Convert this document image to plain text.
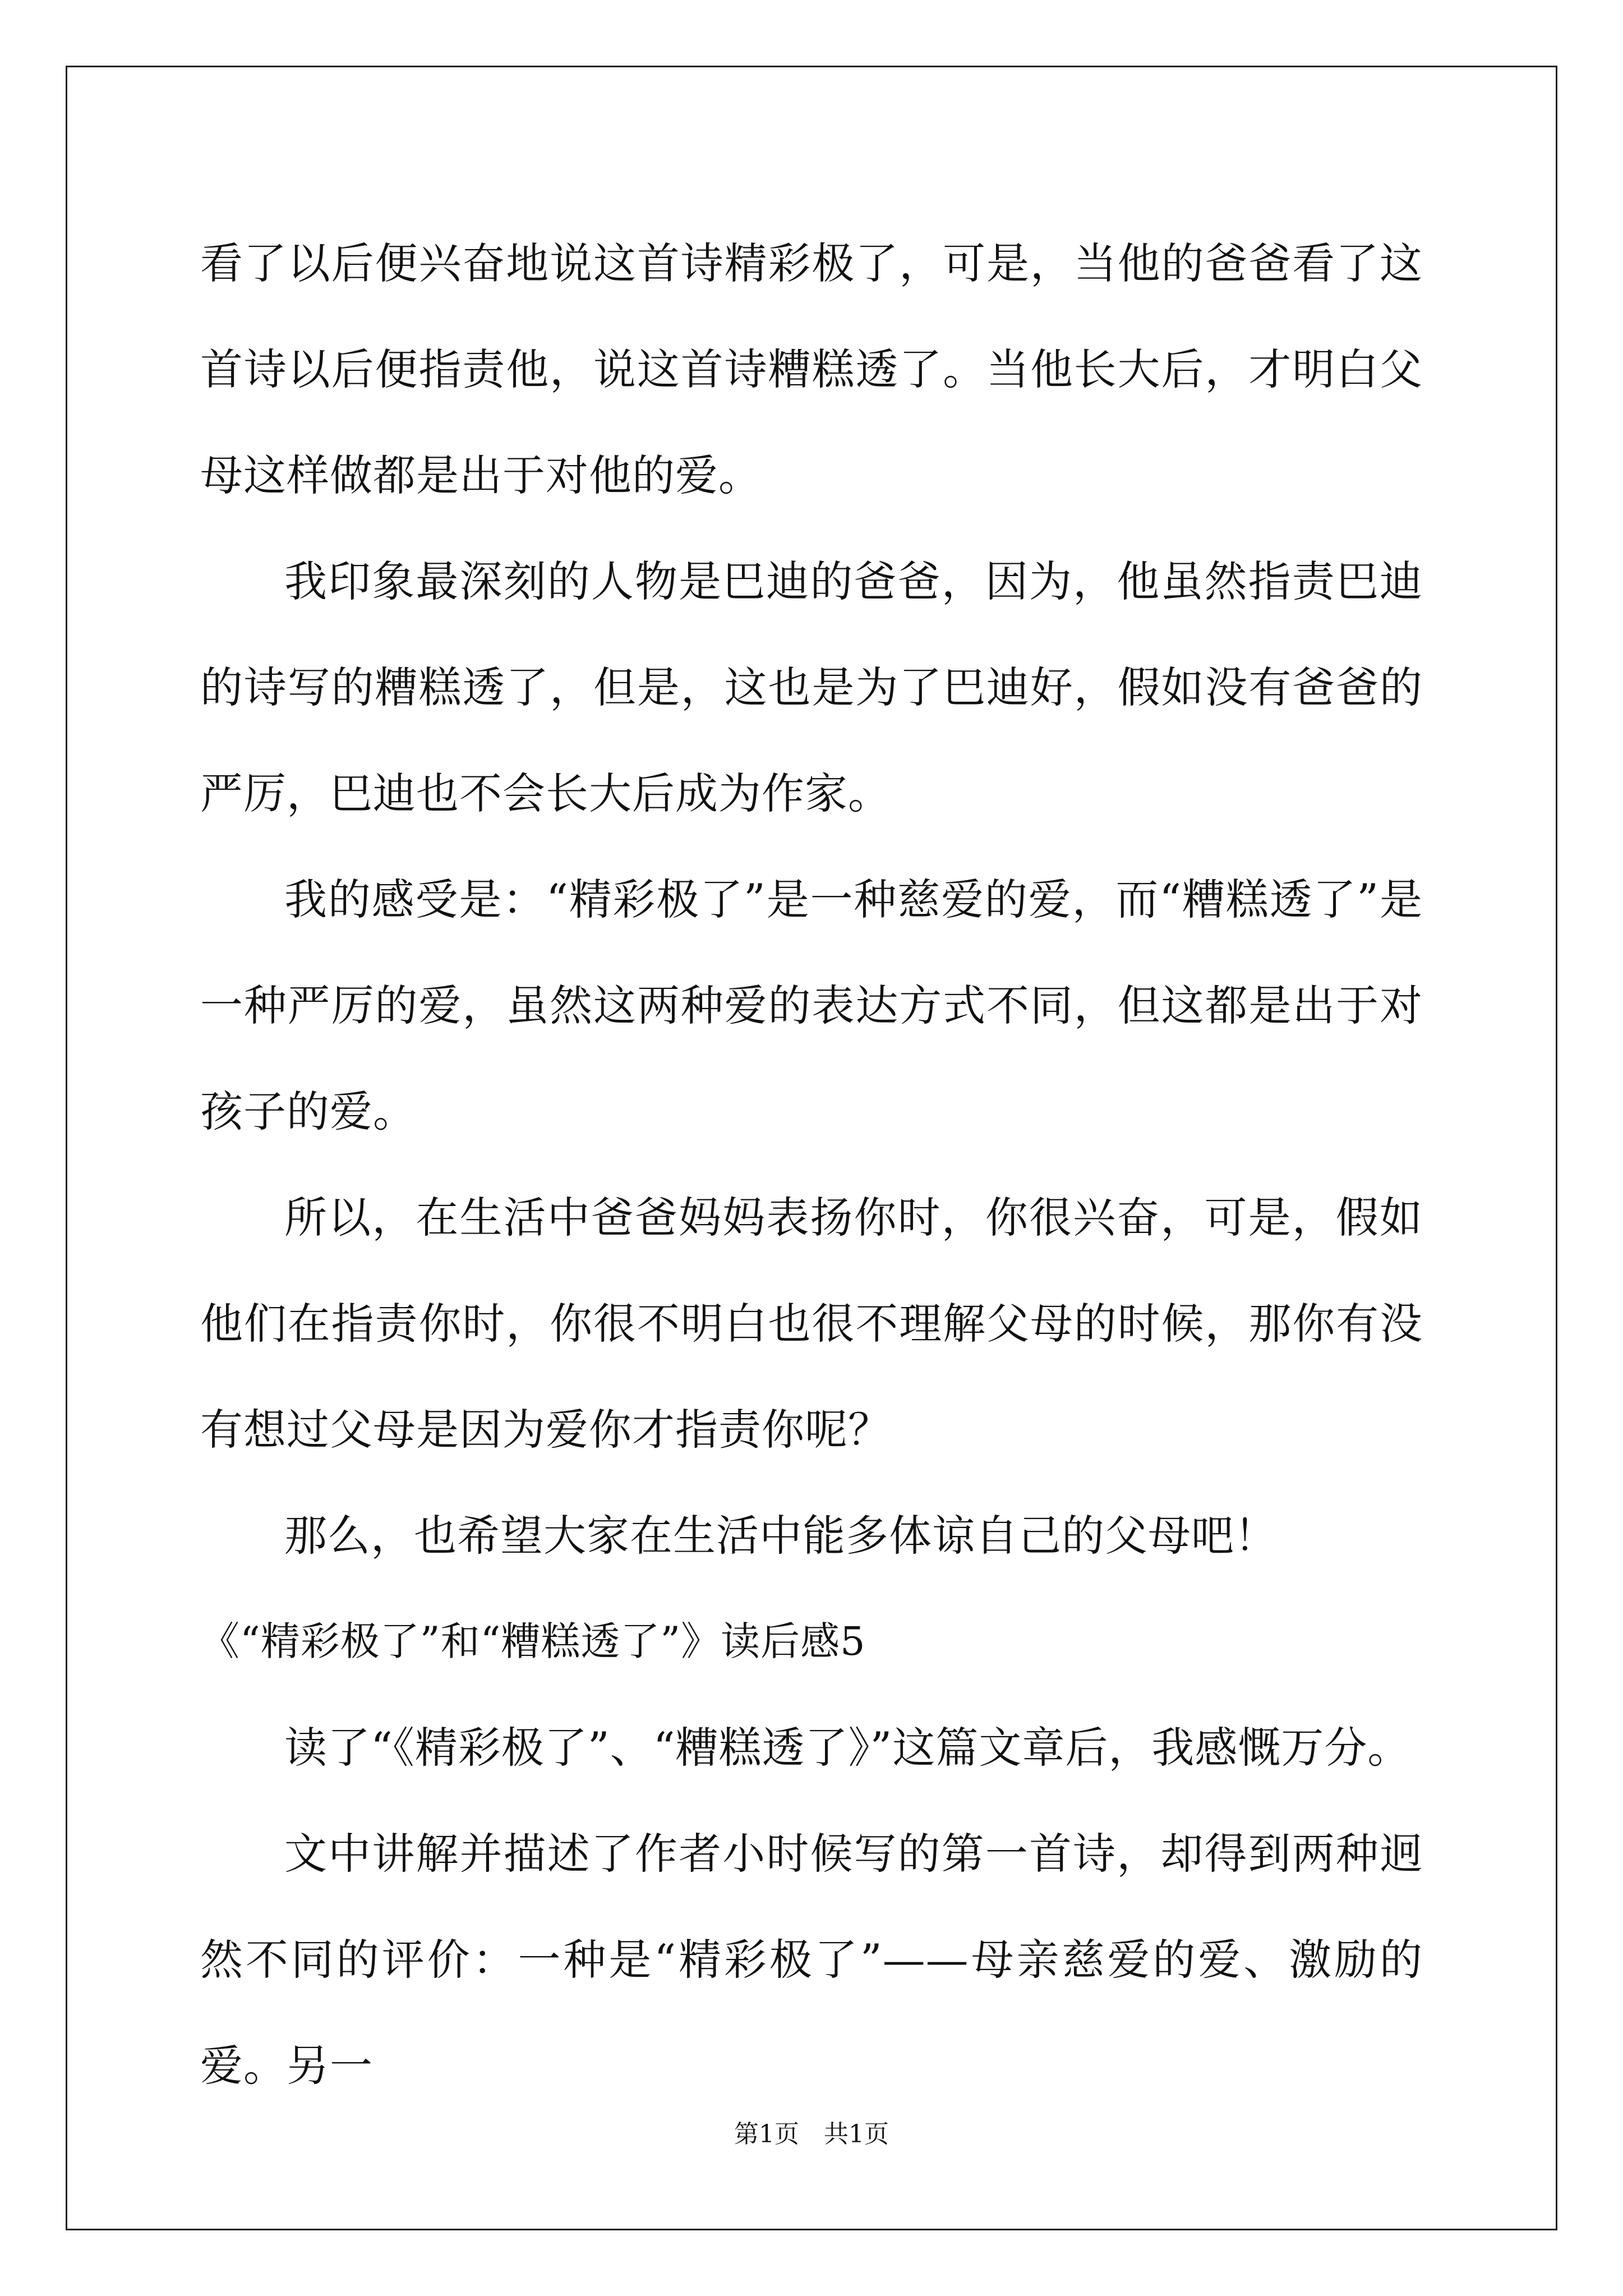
看了以后便兴奋地说这首诗精彩极了，可是，当他的爸爸看了这首诗以后便指责他，说这首诗糟糕透了。当他长大后，才明白父母这样做都是出于对他的爱。

我印象最深刻的人物是巴迪的爸爸，因为，他虽然指责巴迪的诗写的糟糕透了，但是，这也是为了巴迪好，假如没有爸爸的严厉，巴迪也不会长大后成为作家。

我的感受是：“精彩极了”是一种慈爱的爱，而“糟糕透了”是一种严厉的爱，虽然这两种爱的表达方式不同，但这都是出于对孩子的爱。

所以，在生活中爸爸妈妈表扬你时，你很兴奋，可是，假如他们在指责你时，你很不明白也很不理解父母的时候，那你有没有想过父母是因为爱你才指责你呢？

那么，也希望大家在生活中能多体谅自己的父母吧！

《“精彩极了”和“糟糕透了”》读后感5

读了“《精彩极了”、“糟糕透了》”这篇文章后，我感慨万分。

文中讲解并描述了作者小时候写的第一首诗，却得到两种迥然不同的评价：一种是“精彩极了”——母亲慈爱的爱、激励的爱。另一

第1页　共1页
